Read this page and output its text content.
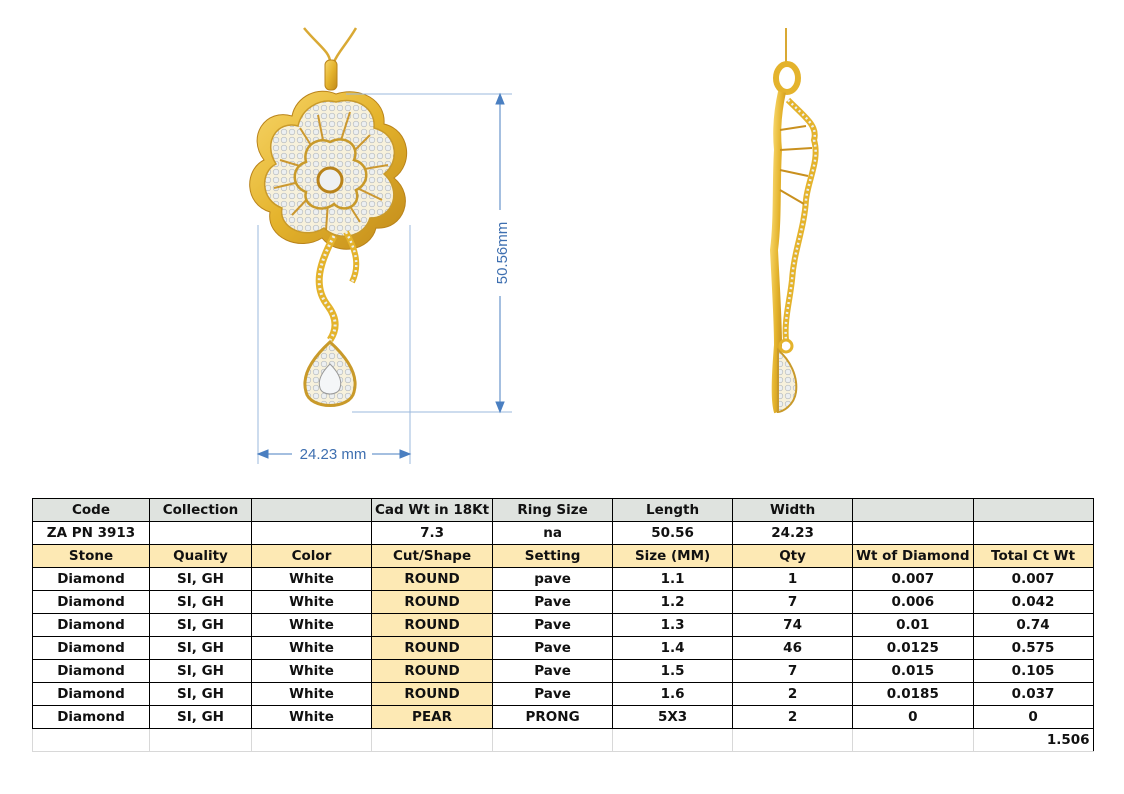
50.56mm
24.23 mm
Code	Collection		Cad Wt in 18Kt	Ring Size	Length	Width		
ZA PN 3913			7.3	na	50.56	24.23		
Stone	Quality	Color	Cut/Shape	Setting	Size (MM)	Qty	Wt of Diamond	Total Ct Wt
Diamond	SI, GH	White	ROUND	pave	1.1	1	0.007	0.007
Diamond	SI, GH	White	ROUND	Pave	1.2	7	0.006	0.042
Diamond	SI, GH	White	ROUND	Pave	1.3	74	0.01	0.74
Diamond	SI, GH	White	ROUND	Pave	1.4	46	0.0125	0.575
Diamond	SI, GH	White	ROUND	Pave	1.5	7	0.015	0.105
Diamond	SI, GH	White	ROUND	Pave	1.6	2	0.0185	0.037
Diamond	SI, GH	White	PEAR	PRONG	5X3	2	0	0
								1.506
